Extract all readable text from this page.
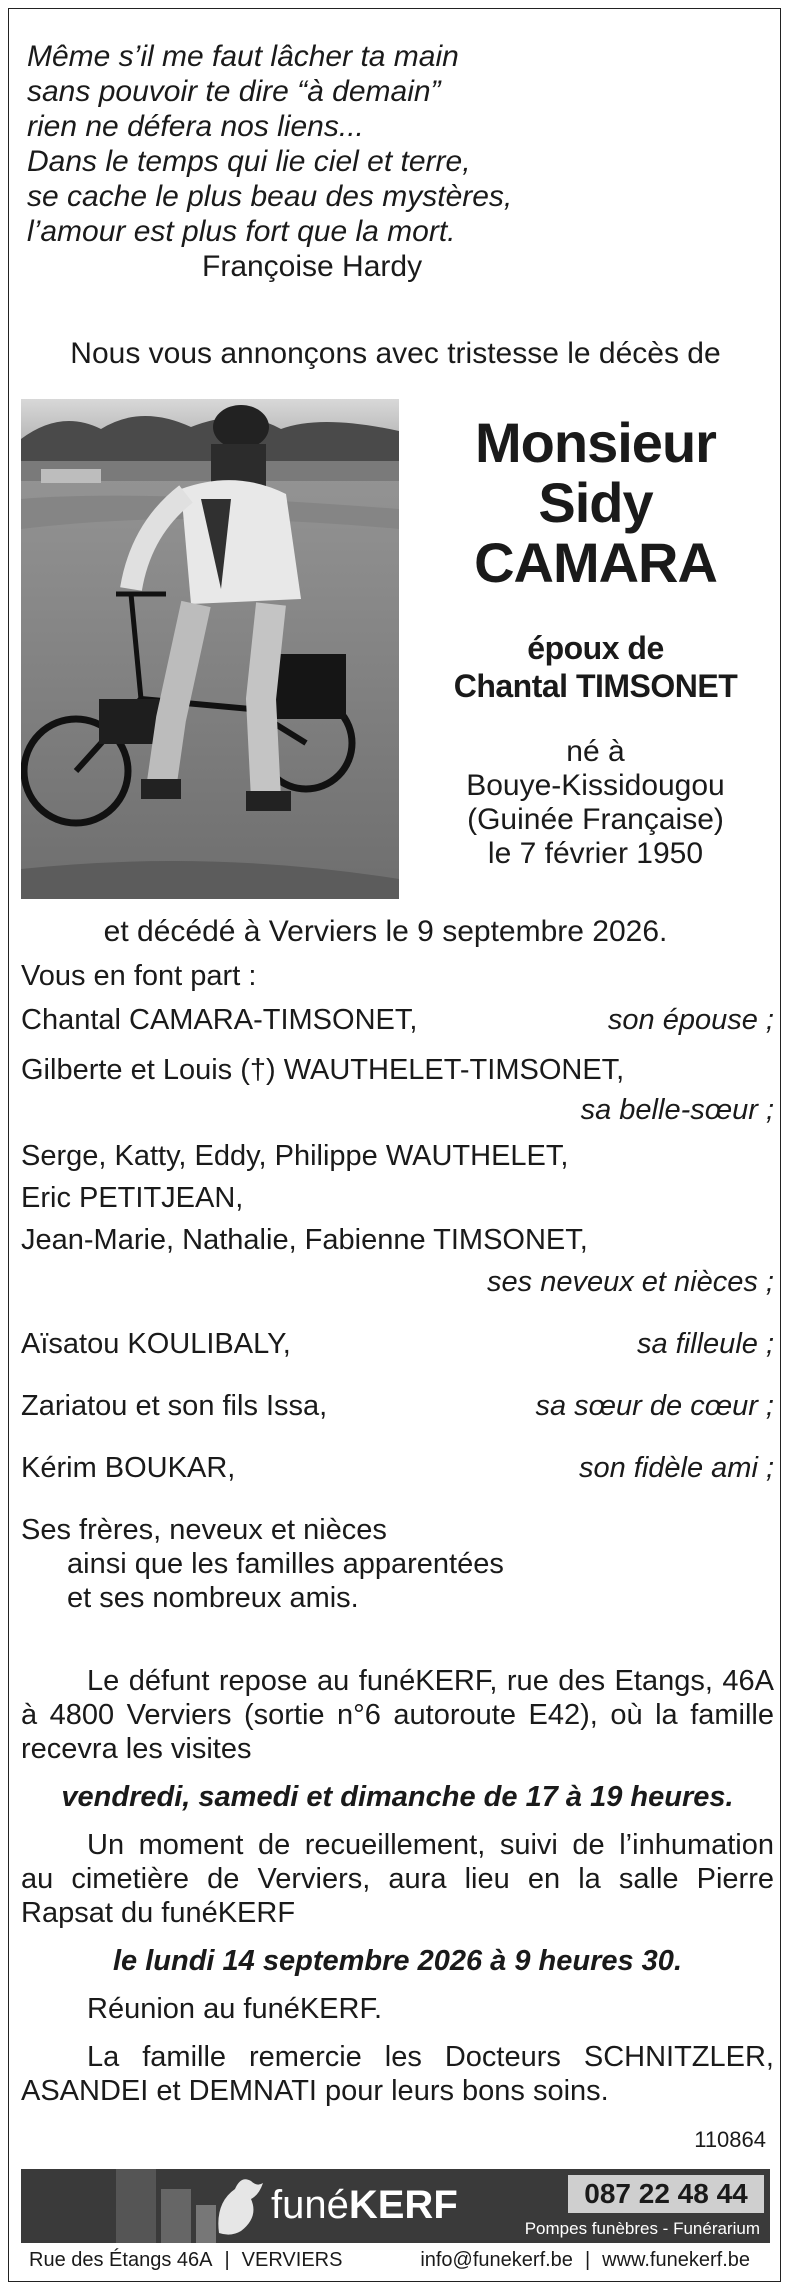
Même s’il me faut lâcher ta main
sans pouvoir te dire “à demain”
rien ne défera nos liens...
Dans le temps qui lie ciel et terre,
se cache le plus beau des mystères,
l’amour est plus fort que la mort.
Françoise Hardy
Nous vous annonçons avec tristesse le décès de
Monsieur
Sidy
CAMARA
époux de
Chantal TIMSONET
né à
Bouye-Kissidougou
(Guinée Française)
le 7 février 1950
et décédé à Verviers le 9 septembre 2026.
Vous en font part :
Chantal CAMARA-TIMSONET,	son épouse ;
Gilberte et Louis (†) WAUTHELET-TIMSONET,
sa belle-sœur ;
Serge, Katty, Eddy, Philippe WAUTHELET,
Eric PETITJEAN,
Jean-Marie, Nathalie, Fabienne TIMSONET,
ses neveux et nièces ;
Aïsatou KOULIBALY,	sa filleule ;
Zariatou et son fils Issa,	sa sœur de cœur ;
Kérim BOUKAR,	son fidèle ami ;
Ses frères, neveux et nièces
ainsi que les familles apparentées
et ses nombreux amis.
Le défunt repose au funéKERF, rue des Etangs, 46A à 4800 Verviers (sortie n°6 autoroute E42), où la famille recevra les visites
vendredi, samedi et dimanche de 17 à 19 heures.
Un moment de recueillement, suivi de l’inhumation au cimetière de Verviers, aura lieu en la salle Pierre Rapsat du funéKERF
le lundi 14 septembre 2026 à 9 heures 30.
Réunion au funéKERF.
La famille remercie les Docteurs SCHNITZLER, ASANDEI et DEMNATI pour leurs bons soins.
110864
funéKERF	087 22 48 44
Pompes funèbres - Funérarium
Rue des Étangs 46A | VERVIERS	info@funekerf.be | www.funekerf.be
